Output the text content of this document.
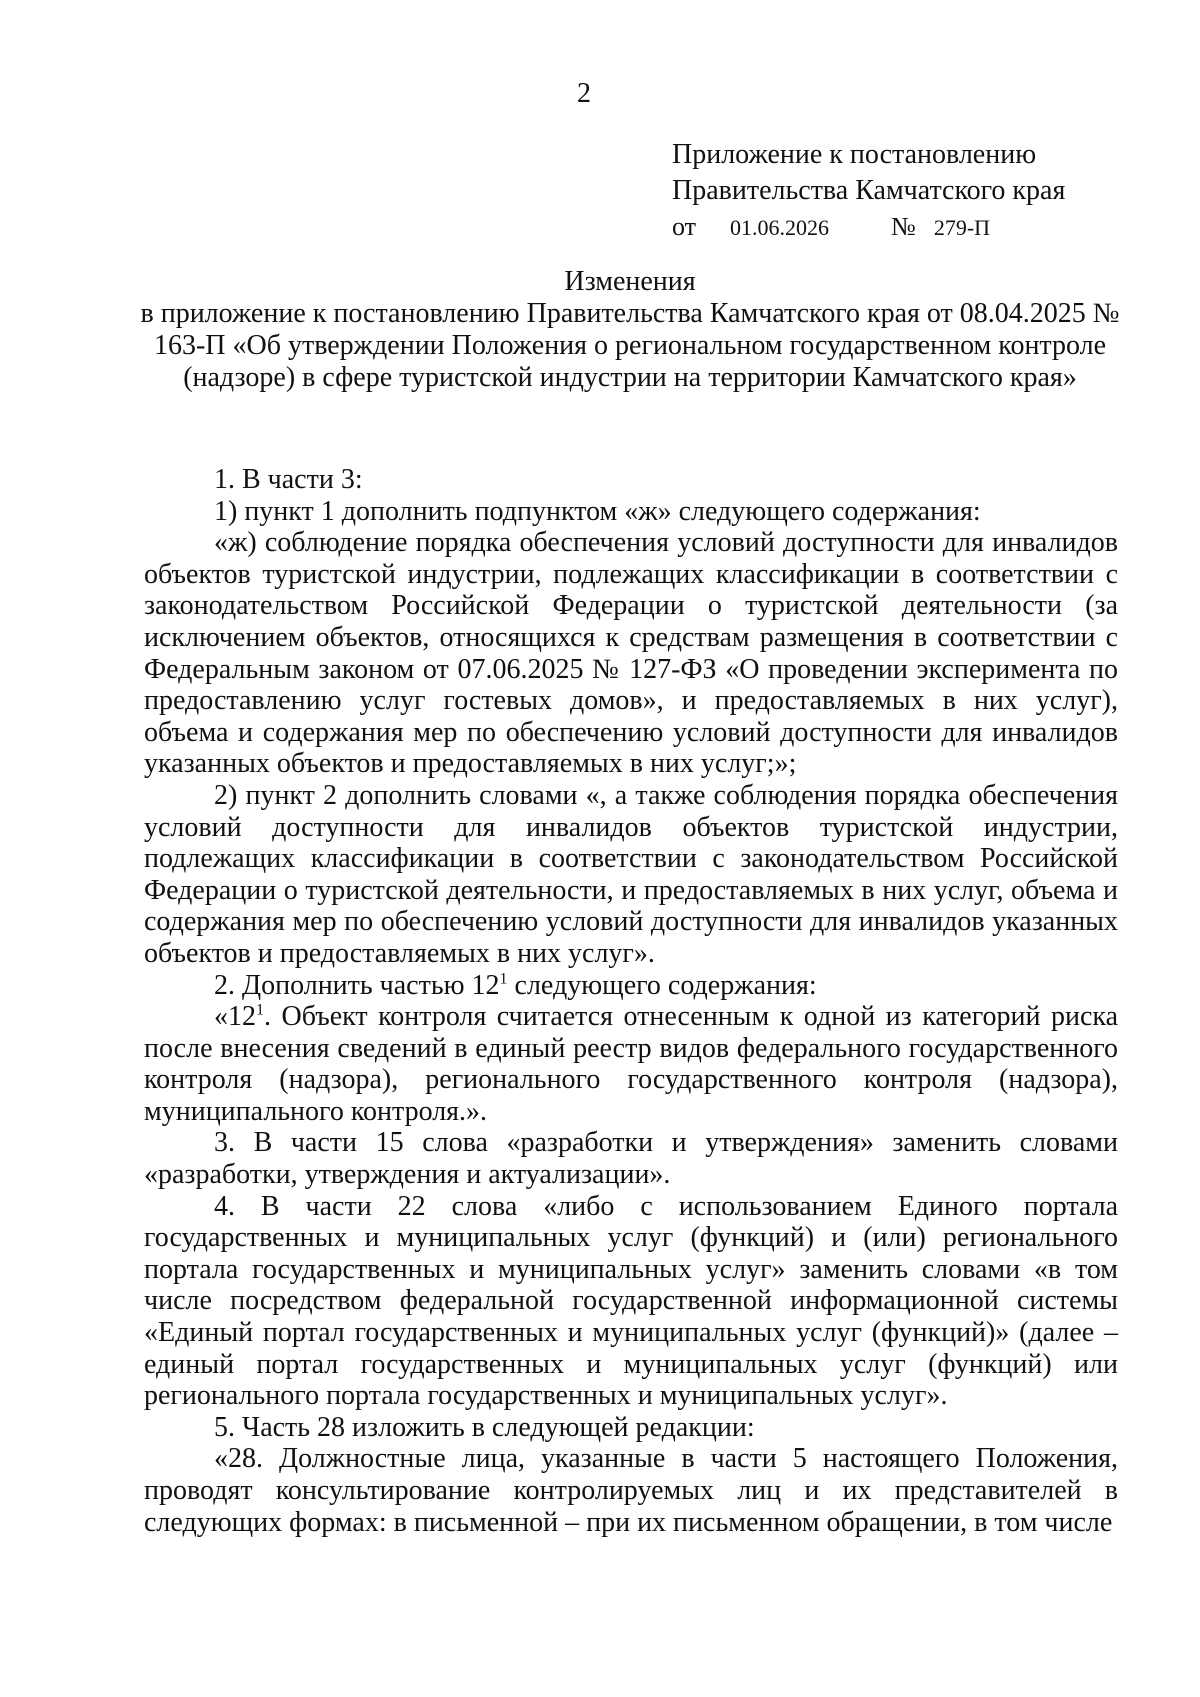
2
Приложение к постановлению
Правительства Камчатского края
от 01.06.2026 № 279-П
Изменения
в приложение к постановлению Правительства Камчатского края от 08.04.2025 № 163-П «Об утверждении Положения о региональном государственном контроле (надзоре) в сфере туристской индустрии на территории Камчатского края»

1. В части 3:

1) пункт 1 дополнить подпунктом «ж» следующего содержания:

«ж) соблюдение порядка обеспечения условий доступности для инвалидов объектов туристской индустрии, подлежащих классификации в соответствии с законодательством Российской Федерации о туристской деятельности (за исключением объектов, относящихся к средствам размещения в соответствии с Федеральным законом от 07.06.2025 № 127-ФЗ «О проведении эксперимента по предоставлению услуг гостевых домов», и предоставляемых в них услуг), объема и содержания мер по обеспечению условий доступности для инвалидов указанных объектов и предоставляемых в них услуг;»;

2) пункт 2 дополнить словами «, а также соблюдения порядка обеспечения условий доступности для инвалидов объектов туристской индустрии, подлежащих классификации в соответствии с законодательством Российской Федерации о туристской деятельности, и предоставляемых в них услуг, объема и содержания мер по обеспечению условий доступности для инвалидов указанных объектов и предоставляемых в них услуг».

2. Дополнить частью $12^1$ следующего содержания:

«$12^1$. Объект контроля считается отнесенным к одной из категорий риска после внесения сведений в единый реестр видов федерального государственного контроля (надзора), регионального государственного контроля (надзора), муниципального контроля.».

3. В части 15 слова «разработки и утверждения» заменить словами «разработки, утверждения и актуализации».

4. В части 22 слова «либо с использованием Единого портала государственных и муниципальных услуг (функций) и (или) регионального портала государственных и муниципальных услуг» заменить словами «в том числе посредством федеральной государственной информационной системы «Единый портал государственных и муниципальных услуг (функций)» (далее – единый портал государственных и муниципальных услуг (функций) или регионального портала государственных и муниципальных услуг».

5. Часть 28 изложить в следующей редакции:

«28. Должностные лица, указанные в части 5 настоящего Положения, проводят консультирование контролируемых лиц и их представителей в следующих формах: в письменной – при их письменном обращении, в том числе
